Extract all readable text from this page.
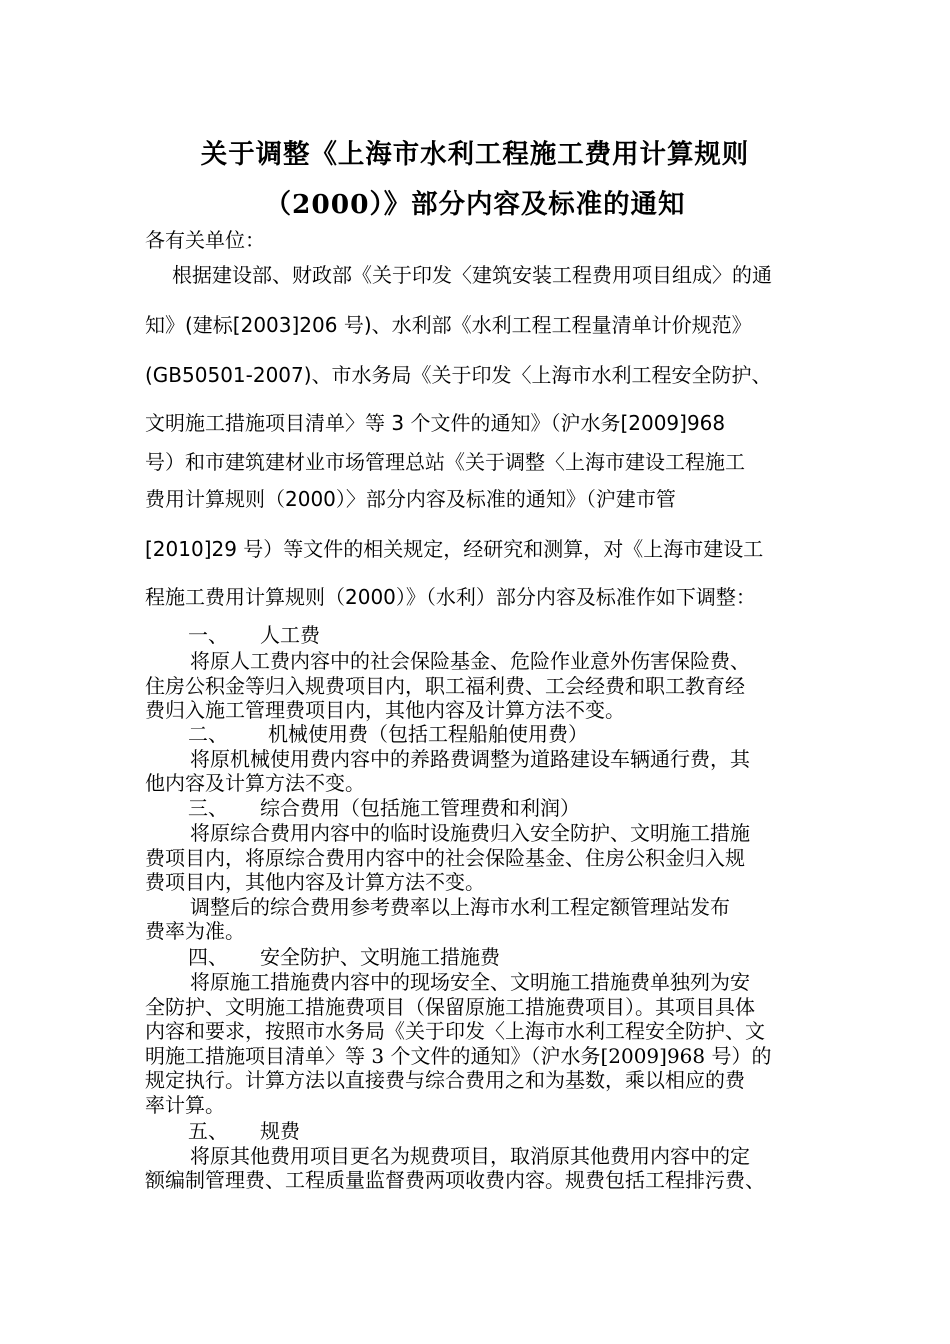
关于调整《上海市水利工程施工费用计算规则
（2000）》部分内容及标准的通知
各有关单位：
根据建设部、财政部《关于印发〈建筑安装工程费用项目组成〉的通
知》(建标[2003]206 号)、水利部《水利工程工程量清单计价规范》
(GB50501-2007)、市水务局《关于印发〈上海市水利工程安全防护、
文明施工措施项目清单〉等 3 个文件的通知》（沪水务[2009]968
号）和市建筑建材业市场管理总站《关于调整〈上海市建设工程施工
费用计算规则（2000）〉部分内容及标准的通知》（沪建市管
[2010]29 号）等文件的相关规定，经研究和测算，对《上海市建设工
程施工费用计算规则（2000）》（水利）部分内容及标准作如下调整：
一、 人工费
将原人工费内容中的社会保险基金、危险作业意外伤害保险费、
住房公积金等归入规费项目内，职工福利费、工会经费和职工教育经
费归入施工管理费项目内，其他内容及计算方法不变。
二、 机械使用费（包括工程船舶使用费）
将原机械使用费内容中的养路费调整为道路建设车辆通行费，其
他内容及计算方法不变。
三、 综合费用（包括施工管理费和利润）
将原综合费用内容中的临时设施费归入安全防护、文明施工措施
费项目内，将原综合费用内容中的社会保险基金、住房公积金归入规
费项目内，其他内容及计算方法不变。
调整后的综合费用参考费率以上海市水利工程定额管理站发布
费率为准。
四、 安全防护、文明施工措施费
将原施工措施费内容中的现场安全、文明施工措施费单独列为安
全防护、文明施工措施费项目（保留原施工措施费项目）。其项目具体
内容和要求，按照市水务局《关于印发〈上海市水利工程安全防护、文
明施工措施项目清单〉等 3 个文件的通知》（沪水务[2009]968 号）的
规定执行。计算方法以直接费与综合费用之和为基数，乘以相应的费
率计算。
五、 规费
将原其他费用项目更名为规费项目，取消原其他费用内容中的定
额编制管理费、工程质量监督费两项收费内容。规费包括工程排污费、
